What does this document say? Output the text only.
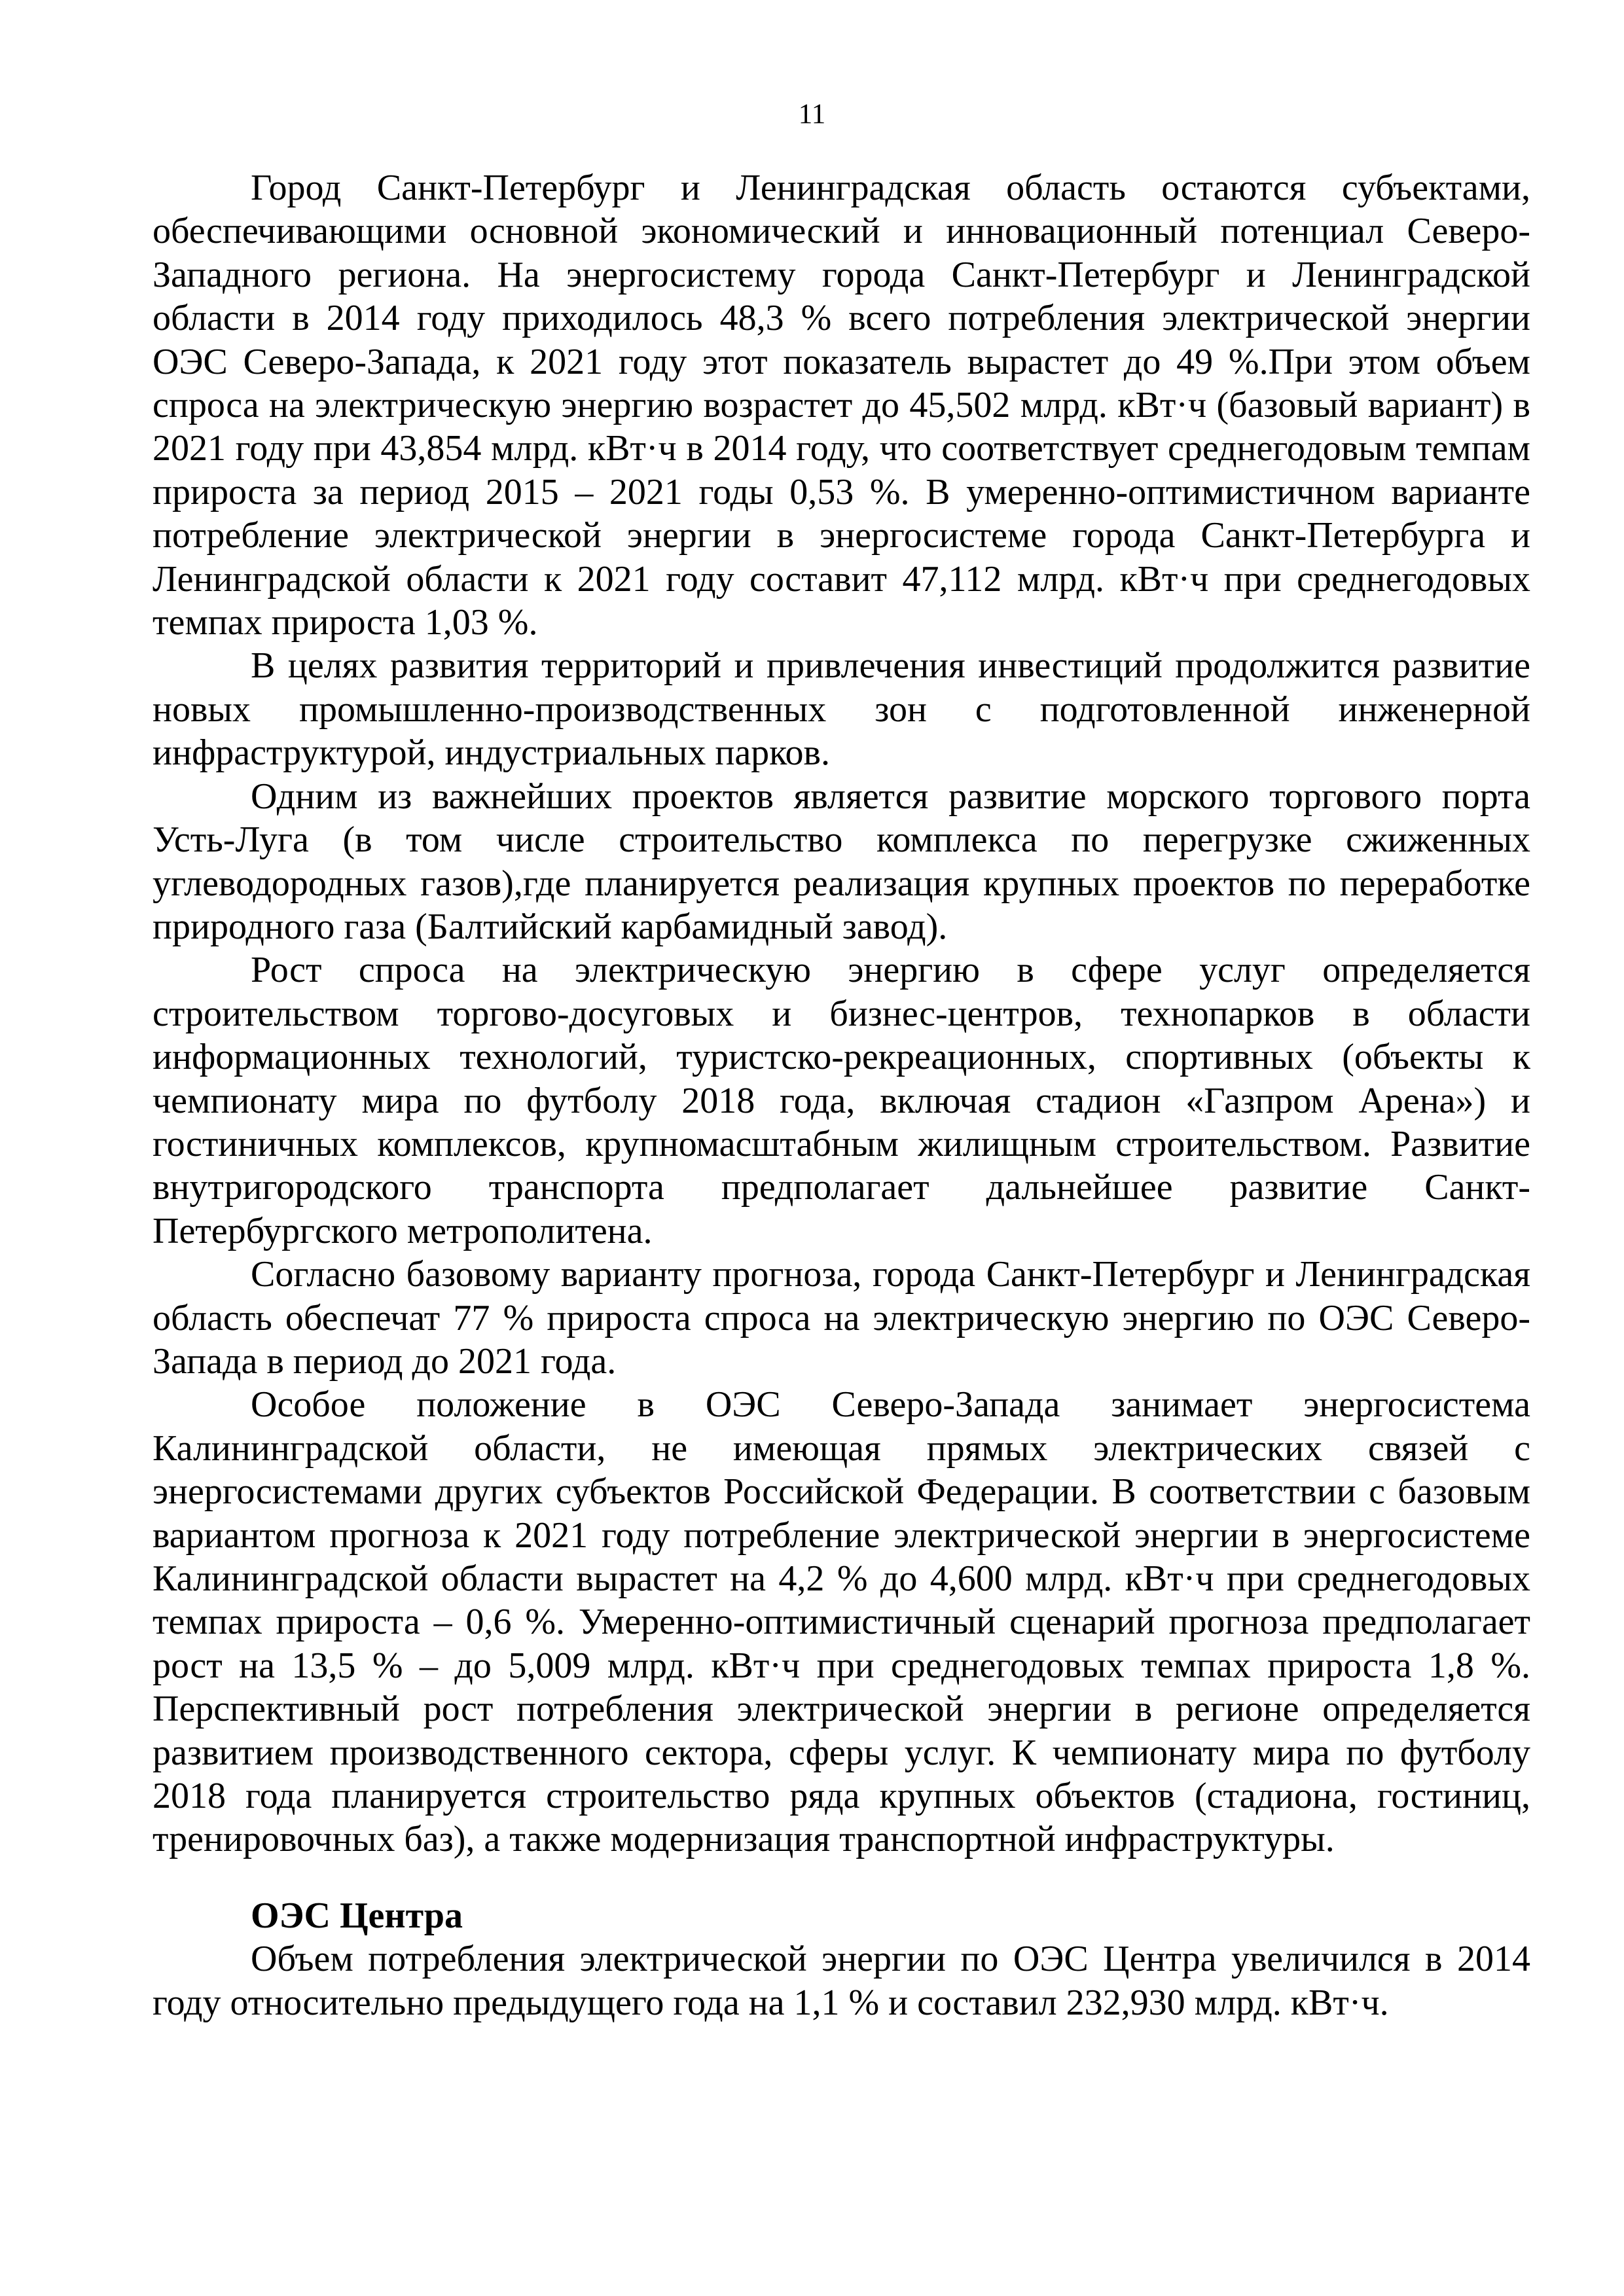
11

Город Санкт-Петербург и Ленинградская область остаются субъектами, обеспечивающими основной экономический и инновационный потенциал Северо-Западного региона. На энергосистему города Санкт-Петербург и Ленинградской области в 2014 году приходилось 48,3 % всего потребления электрической энергии ОЭС Северо-Запада, к 2021 году этот показатель вырастет до 49 %.При этом объем спроса на электрическую энергию возрастет до 45,502 млрд. кВт·ч (базовый вариант) в 2021 году при 43,854 млрд. кВт·ч в 2014 году, что соответствует среднегодовым темпам прироста за период 2015 – 2021 годы 0,53 %. В умеренно-оптимистичном варианте потребление электрической энергии в энергосистеме города Санкт-Петербурга и Ленинградской области к 2021 году составит 47,112 млрд. кВт·ч при среднегодовых темпах прироста 1,03 %.

В целях развития территорий и привлечения инвестиций продолжится развитие новых промышленно-производственных зон с подготовленной инженерной инфраструктурой, индустриальных парков.

Одним из важнейших проектов является развитие морского торгового порта Усть-Луга (в том числе строительство комплекса по перегрузке сжиженных углеводородных газов),где планируется реализация крупных проектов по переработке природного газа (Балтийский карбамидный завод).

Рост спроса на электрическую энергию в сфере услуг определяется строительством торгово-досуговых и бизнес-центров, технопарков в области информационных технологий, туристско-рекреационных, спортивных (объекты к чемпионату мира по футболу 2018 года, включая стадион «Газпром Арена») и гостиничных комплексов, крупномасштабным жилищным строительством. Развитие внутригородского транспорта предполагает дальнейшее развитие Санкт-Петербургского метрополитена.

Согласно базовому варианту прогноза, города Санкт-Петербург и Ленинградская область обеспечат 77 % прироста спроса на электрическую энергию по ОЭС Северо-Запада в период до 2021 года.

Особое положение в ОЭС Северо-Запада занимает энергосистема Калининградской области, не имеющая прямых электрических связей с энергосистемами других субъектов Российской Федерации. В соответствии с базовым вариантом прогноза к 2021 году потребление электрической энергии в энергосистеме Калининградской области вырастет на 4,2 % до 4,600 млрд. кВт·ч при среднегодовых темпах прироста – 0,6 %. Умеренно-оптимистичный сценарий прогноза предполагает рост на 13,5 % – до 5,009 млрд. кВт·ч при среднегодовых темпах прироста 1,8 %. Перспективный рост потребления электрической энергии в регионе определяется развитием производственного сектора, сферы услуг. К чемпионату мира по футболу 2018 года планируется строительство ряда крупных объектов (стадиона, гостиниц, тренировочных баз), а также модернизация транспортной инфраструктуры.

ОЭС Центра

Объем потребления электрической энергии по ОЭС Центра увеличился в 2014 году относительно предыдущего года на 1,1 % и составил 232,930 млрд. кВт·ч.
